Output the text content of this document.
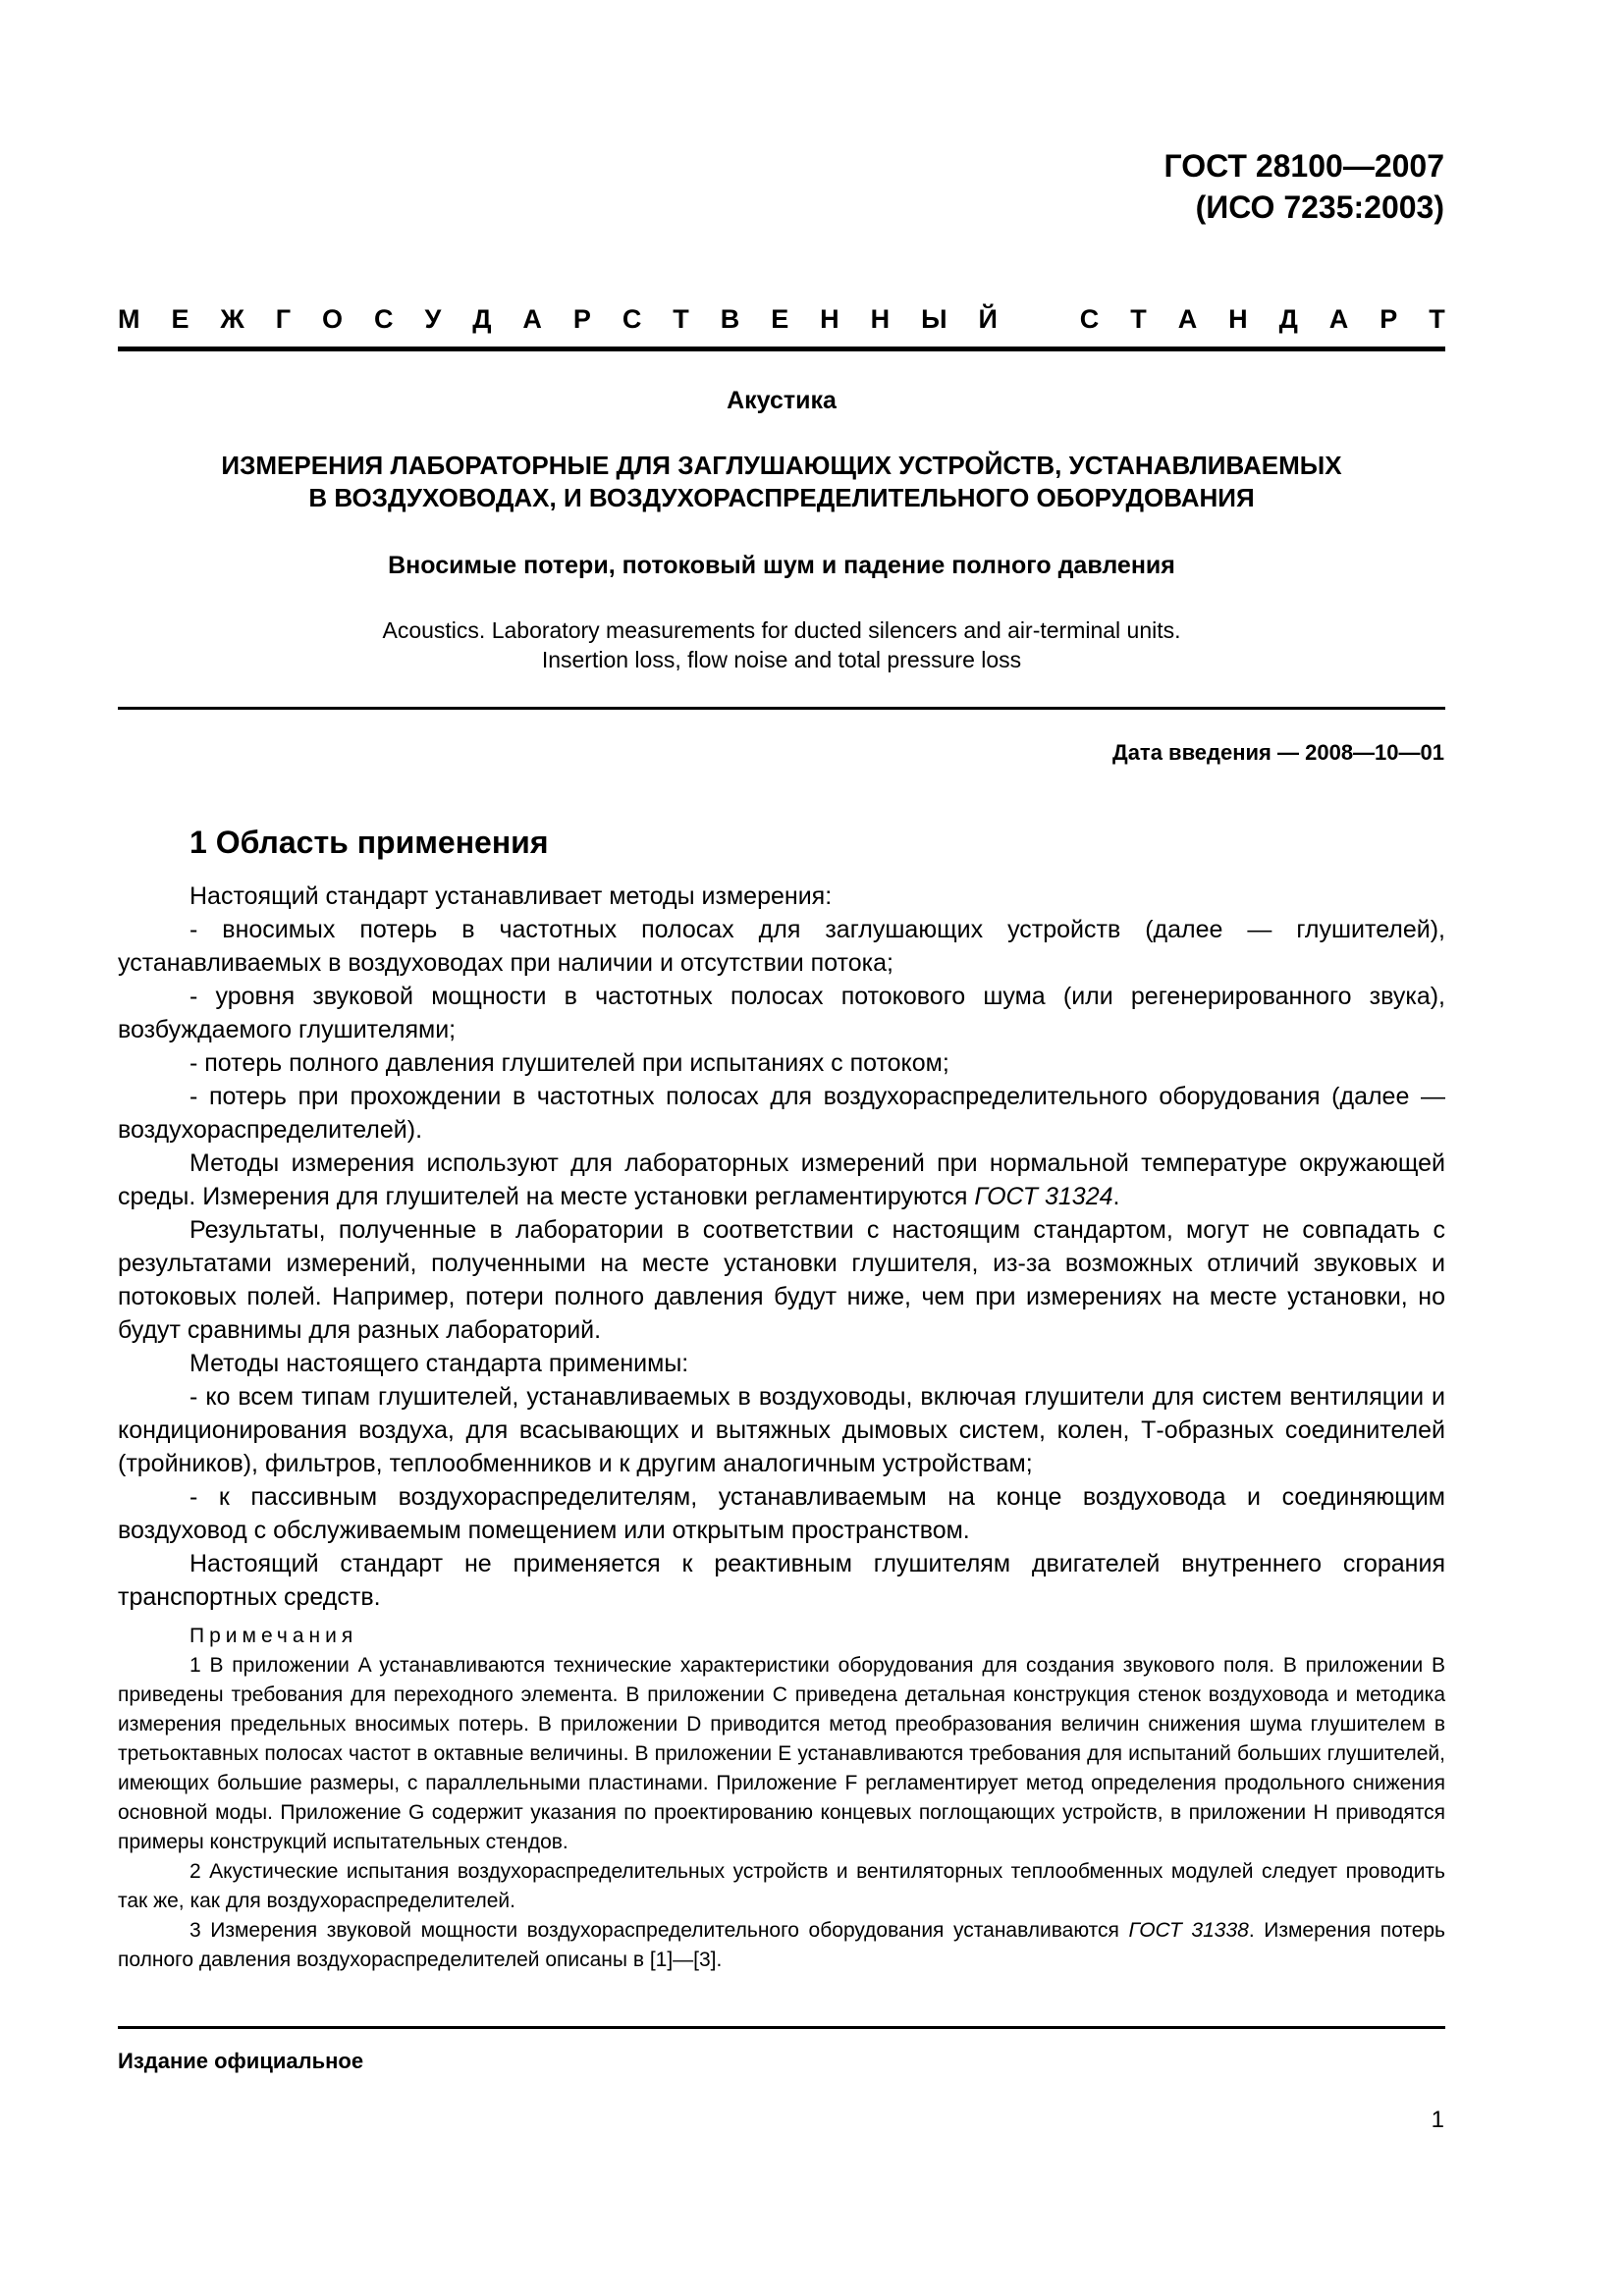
ГОСТ 28100—2007
(ИСО 7235:2003)
М Е Ж Г О С У Д А Р С Т В Е Н Н Ы Й	С Т А Н Д А Р Т
Акустика
ИЗМЕРЕНИЯ ЛАБОРАТОРНЫЕ ДЛЯ ЗАГЛУШАЮЩИХ УСТРОЙСТВ, УСТАНАВЛИВАЕМЫХ
В ВОЗДУХОВОДАХ, И ВОЗДУХОРАСПРЕДЕЛИТЕЛЬНОГО ОБОРУДОВАНИЯ
Вносимые потери, потоковый шум и падение полного давления
Acoustics. Laboratory measurements for ducted silencers and air-terminal units.
Insertion loss, flow noise and total pressure loss
Дата введения — 2008—10—01
1 Область применения

Настоящий стандарт устанавливает методы измерения:

- вносимых потерь в частотных полосах для заглушающих устройств (далее — глушителей), устанавливаемых в воздуховодах при наличии и отсутствии потока;

- уровня звуковой мощности в частотных полосах потокового шума (или регенерированного звука), возбуждаемого глушителями;

- потерь полного давления глушителей при испытаниях с потоком;

- потерь при прохождении в частотных полосах для воздухораспределительного оборудования (далее — воздухораспределителей).

Методы измерения используют для лабораторных измерений при нормальной температуре окружающей среды. Измерения для глушителей на месте установки регламентируются ГОСТ 31324.

Результаты, полученные в лаборатории в соответствии с настоящим стандартом, могут не совпадать с результатами измерений, полученными на месте установки глушителя, из-за возможных отличий звуковых и потоковых полей. Например, потери полного давления будут ниже, чем при измерениях на месте установки, но будут сравнимы для разных лабораторий.

Методы настоящего стандарта применимы:

- ко всем типам глушителей, устанавливаемых в воздуховоды, включая глушители для систем вентиляции и кондиционирования воздуха, для всасывающих и вытяжных дымовых систем, колен, Т-образных соединителей (тройников), фильтров, теплообменников и к другим аналогичным устройствам;

- к пассивным воздухораспределителям, устанавливаемым на конце воздуховода и соединяющим воздуховод с обслуживаемым помещением или открытым пространством.

Настоящий стандарт не применяется к реактивным глушителям двигателей внутреннего сгорания транспортных средств.

Примечания

1 В приложении A устанавливаются технические характеристики оборудования для создания звукового поля. В приложении B приведены требования для переходного элемента. В приложении C приведена детальная конструкция стенок воздуховода и методика измерения предельных вносимых потерь. В приложении D приводится метод преобразования величин снижения шума глушителем в третьоктавных полосах частот в октавные величины. В приложении E устанавливаются требования для испытаний больших глушителей, имеющих большие размеры, с параллельными пластинами. Приложение F регламентирует метод определения продольного снижения основной моды. Приложение G содержит указания по проектированию концевых поглощающих устройств, в приложении H приводятся примеры конструкций испытательных стендов.

2 Акустические испытания воздухораспределительных устройств и вентиляторных теплообменных модулей следует проводить так же, как для воздухораспределителей.

3 Измерения звуковой мощности воздухораспределительного оборудования устанавливаются ГОСТ 31338. Измерения потерь полного давления воздухораспределителей описаны в [1]—[3].

Издание официальное
1
